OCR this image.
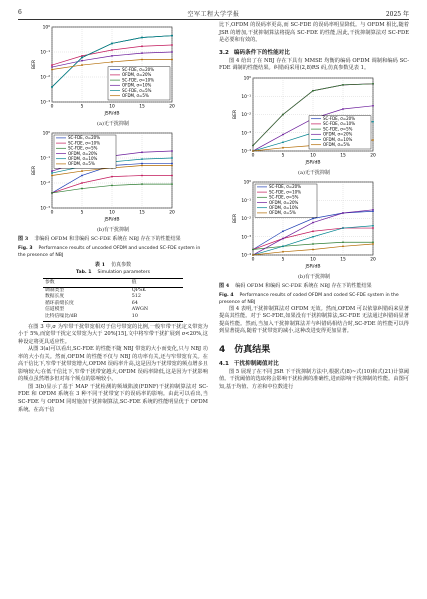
6	空军工程大学学报	2025 年
10⁰
10⁻¹
10⁻²
10⁻³
0	5	10	15	20
JSR/dB
BER
SC-FDE, σ=20%
OFDM, σ=20%
SC-FDE, σ=10%
OFDM, σ=10%
SC-FDE, σ=5%
OFDM, σ=5%
(a)无干扰抑制
10⁰
10⁻¹
10⁻²
10⁻³
0	5	10	15	20
JSR/dB
BER
SC-FDE, σ=20%
SC-FDE, σ=10%
SC-FDE, σ=5%
OFDM, σ=20%
OFDM, σ=10%
OFDM, σ=5%
(b)有干扰抑制
图 3 非编码 OFDM 和非编码 SC-FDE 系统在 NBJ 存在下的性能结果
Fig. 3 Performance results of uncoded OFDM and uncoded SC-FDE system in the presence of NBJ
表 1 仿真参数
Tab. 1 Simulation parameters
参数	值
调制类型	QPSK
数据长度	512
循环前缀长度	64
信道模型	AWGN
比特信噪比/dB	10

在图 3 中,σ 为窄带干扰带宽相对于信号带宽的比例,一般窄带干扰定义带宽为小于 5%,而宽带干扰定义带宽为大于 20%[15],文中将窄带干扰扩展到 σ<20%,这种设定将更具适应性。

从图 3(a)可以看出,SC-FDE 的性能不随 NBJ 带宽的大小而变化,只与 NBJ 功率的大小有关。然而,OFDM 的性能不仅与 NBJ 的功率有关,还与窄带宽有关。在高干信比下,窄带干扰带宽增大,OFDM 误码率升高,这是因为干扰带宽的频点增多且影响较大;在低干信比下,窄带干扰带宽越大,OFDM 误码率降低,这是因为干扰影响的频点虽然增多但对每个频点的影响较小。

图 3(b)显示了基于 MAP 干扰检测的频域陷波(FDNF)干扰抑制算法对 SC-FDE 和 OFDM 系统在 3 种不同干扰带宽下的误码率的影响。由此可以看出,当 SC-FDE 与 OFDM 同时施加干扰抑制算法,SC-FDE 系统的性能明显优于 OFDM 系统。在高干信

比下,OFDM 的误码率更高,而 SC-FDE 的误码率明显降低。与 OFDM 相比,随着 JSR 的增加,干扰抑制算法将提高 SC-FDE 的性能,因此,干扰抑制算法对 SC-FDE 是必要和有效的。

3.2 编码条件下的性能对比

图 4 给出了在 NBJ 存在下具有 MMSE 均衡的编码 OFDM 调制和编码 SC-FDE 调制的性能结果。纠错码采用(2,8)RS 码,仿真参数见表 1。

10⁰
10⁻¹
10⁻²
10⁻³
10⁻⁴
0	5	10	15	20
JSR/dB
BER	SC-FDE, σ=20%
SC-FDE, σ=10%
SC-FDE, σ=5%
OFDM, σ=20%
OFDM, σ=10%
OFDM, σ=5%
(a)无干扰抑制
10⁰
10⁻¹
10⁻²
10⁻³
10⁻⁴
0	5	10	15	20
JSR/dB
BER
SC-FDE, σ=20%
SC-FDE, σ=10%
SC-FDE, σ=5%
OFDM, σ=20%
OFDM, σ=10%
OFDM, σ=5%
(b)有干扰抑制
图 4 编码 OFDM 和编码 SC-FDE 系统在 NBJ 存在下的性能结果
Fig. 4 Performance results of coded OFDM and coded SC-FDE system in the presence of NBJ

图 4 表明,干扰抑制算法对 OFDM 无效。然而,OFDM 可以依靠纠错码来显著提高其性能。对于 SC-FDE,如果没有干扰抑制算法,SC-FDE 无法通过纠错码显著提高性能。然而,当加入干扰抑制算法并与纠错码相结合时,SC-FDE 的性能可以得到显著提高,随着干扰带宽的减小,这种改进变得更加显著。

4 仿真结果
4.1 干扰抑制阈值对比

图 5 展现了在不同 JSR 下干扰抑制方法中,根据式(8)~式(10)和式(21)计算阈值。干扰阈值的选取将会影响干扰检测的准确性,进而影响干扰抑制的性能。由图可知,基于均值、方差和中位数进行
